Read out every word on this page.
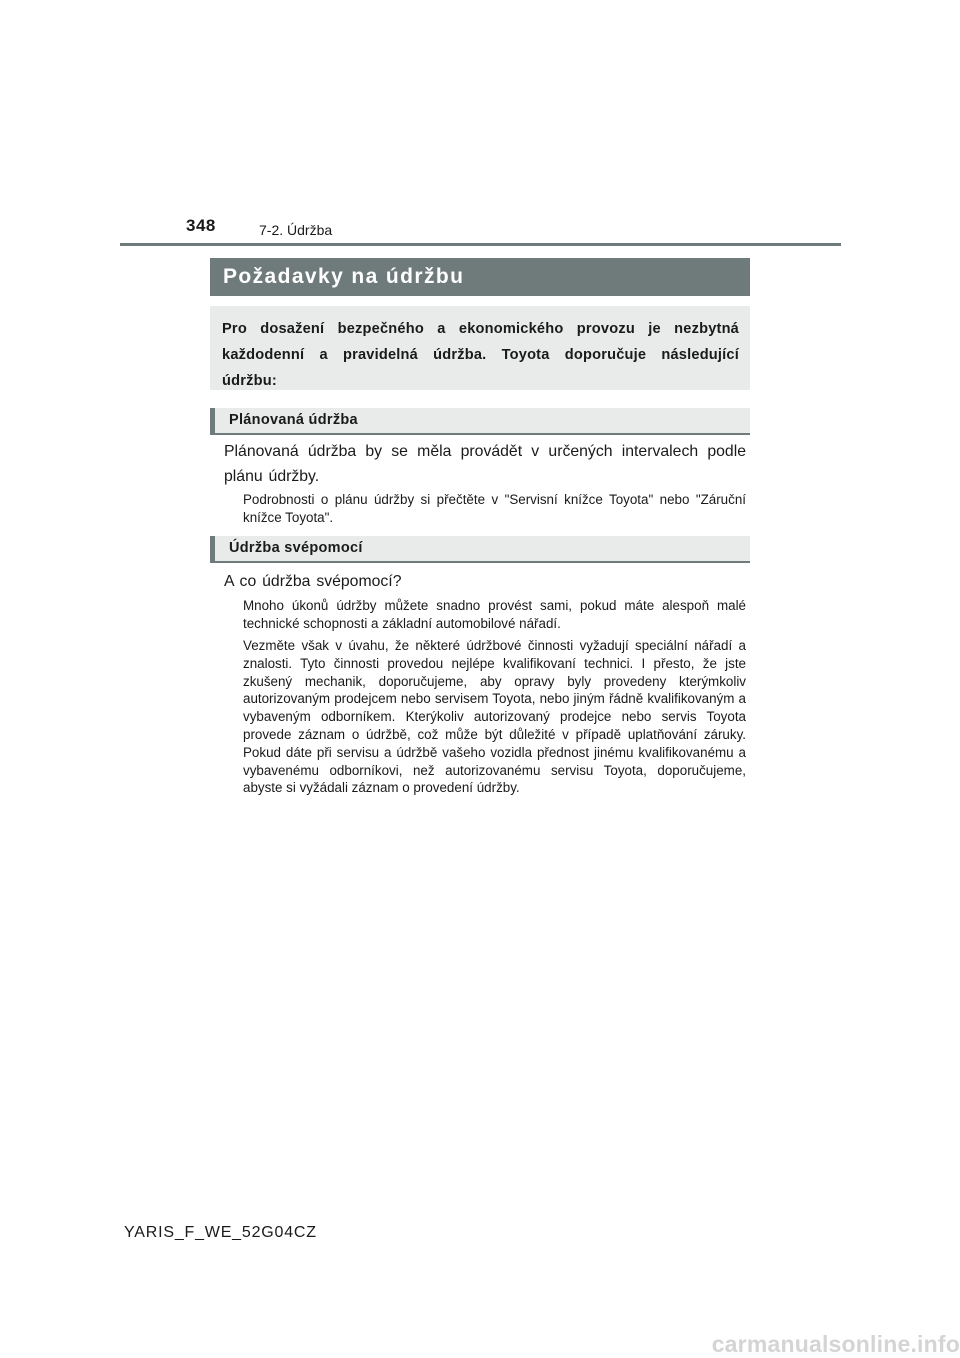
348	7-2. Údržba
Požadavky na údržbu
Pro dosažení bezpečného a ekonomického provozu je nezbytná každodenní a pravidelná údržba. Toyota doporučuje následující údržbu:
Plánovaná údržba
Plánovaná údržba by se měla provádět v určených intervalech podle plánu údržby.
Podrobnosti o plánu údržby si přečtěte v "Servisní knížce Toyota" nebo "Záruční knížce Toyota".
Údržba svépomocí
A co údržba svépomocí?
Mnoho úkonů údržby můžete snadno provést sami, pokud máte alespoň malé technické schopnosti a základní automobilové nářadí.
Vezměte však v úvahu, že některé údržbové činnosti vyžadují speciální nářadí a znalosti. Tyto činnosti provedou nejlépe kvalifikovaní technici. I přesto, že jste zkušený mechanik, doporučujeme, aby opravy byly provedeny kterýmkoliv autorizovaným prodejcem nebo servisem Toyota, nebo jiným řádně kvalifikovaným a vybaveným odborníkem. Kterýkoliv autorizovaný prodejce nebo servis Toyota provede záznam o údržbě, což může být důležité v případě uplatňování záruky. Pokud dáte při servisu a údržbě vašeho vozidla přednost jinému kvalifikovanému a vybavenému odborníkovi, než autorizovanému servisu Toyota, doporučujeme, abyste si vyžádali záznam o provedení údržby.
YARIS_F_WE_52G04CZ
carmanualsonline.info
